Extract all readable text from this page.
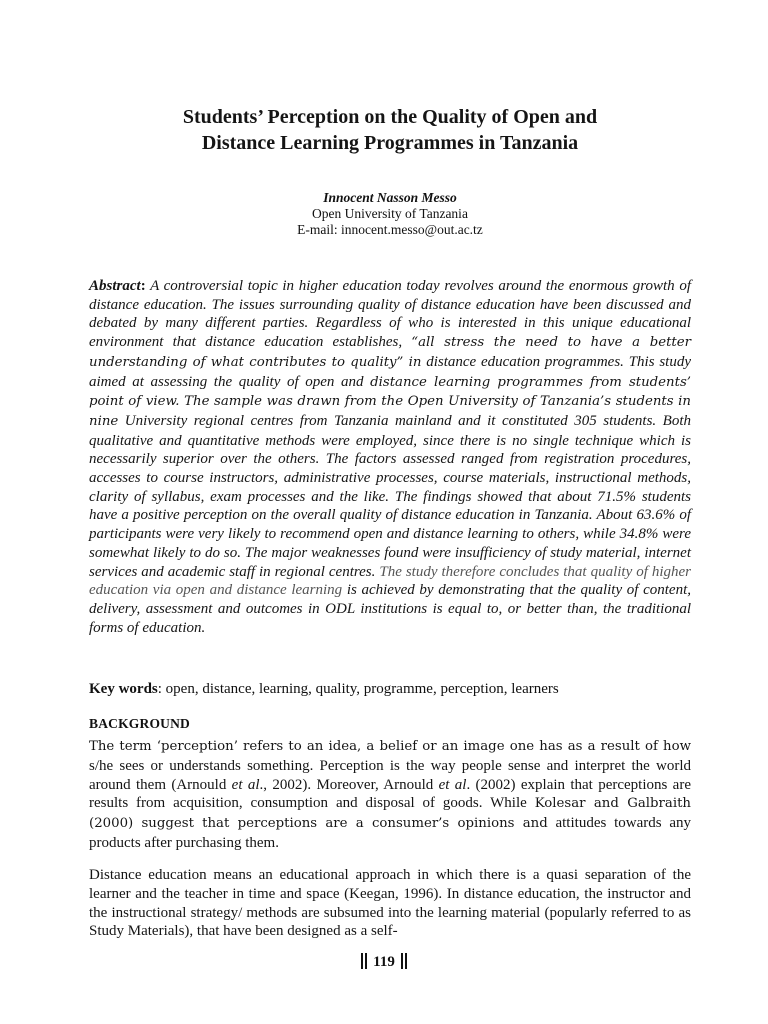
Students’ Perception on the Quality of Open and
Distance Learning Programmes in Tanzania
Innocent Nasson Messo
Open University of Tanzania
E-mail: innocent.messo@out.ac.tz

Abstract: A controversial topic in higher education today revolves around the enormous growth of distance education. The issues surrounding quality of distance education have been discussed and debated by many different parties. Regardless of who is interested in this unique educational environment that distance education establishes, “all stress the need to have a better understanding of what contributes to quality” in distance education programmes. This study aimed at assessing the quality of open and distance learning programmes from students’ point of view. The sample was drawn from the Open University of Tanzania’s students in nine University regional centres from Tanzania mainland and it constituted 305 students. Both qualitative and quantitative methods were employed, since there is no single technique which is necessarily superior over the others. The factors assessed ranged from registration procedures, accesses to course instructors, administrative processes, course materials, instructional methods, clarity of syllabus, exam processes and the like. The findings showed that about 71.5% students have a positive perception on the overall quality of distance education in Tanzania. About 63.6% of participants were very likely to recommend open and distance learning to others, while 34.8% were somewhat likely to do so. The major weaknesses found were insufficiency of study material, internet services and academic staff in regional centres. The study therefore concludes that quality of higher education via open and distance learning is achieved by demonstrating that the quality of content, delivery, assessment and outcomes in ODL institutions is equal to, or better than, the traditional forms of education.

Key words: open, distance, learning, quality, programme, perception, learners

BACKGROUND

The term ‘perception’ refers to an idea, a belief or an image one has as a result of how s/he sees or understands something. Perception is the way people sense and interpret the world around them (Arnould et al., 2002). Moreover, Arnould et al. (2002) explain that perceptions are results from acquisition, consumption and disposal of goods. While Kolesar and Galbraith (2000) suggest that perceptions are a consumer’s opinions and attitudes towards any products after purchasing them.

Distance education means an educational approach in which there is a quasi separation of the learner and the teacher in time and space (Keegan, 1996). In distance education, the instructor and the instructional strategy/ methods are subsumed into the learning material (popularly referred to as Study Materials), that have been designed as a self-

119
